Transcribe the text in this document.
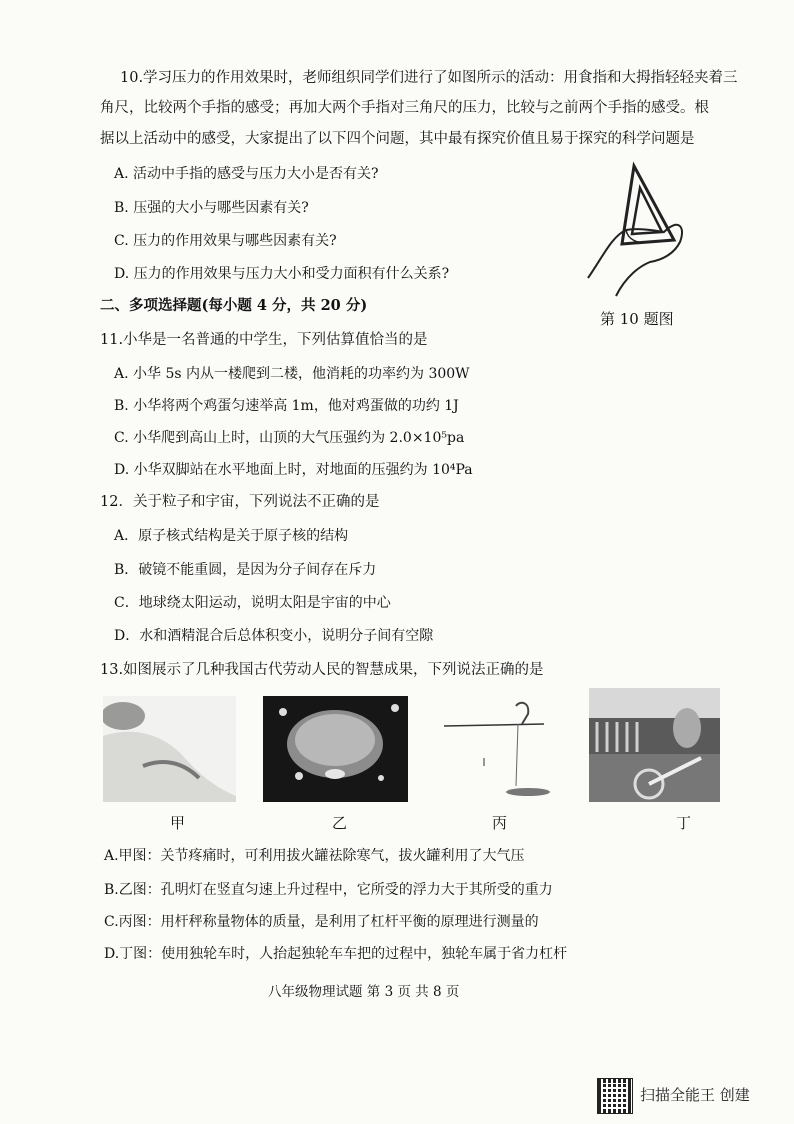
10.学习压力的作用效果时，老师组织同学们进行了如图所示的活动：用食指和大拇指轻轻夹着三
角尺，比较两个手指的感受；再加大两个手指对三角尺的压力，比较与之前两个手指的感受。根
据以上活动中的感受，大家提出了以下四个问题，其中最有探究价值且易于探究的科学问题是
A. 活动中手指的感受与压力大小是否有关?
B. 压强的大小与哪些因素有关?
C. 压力的作用效果与哪些因素有关?
D. 压力的作用效果与压力大小和受力面积有什么关系?
第 10 题图
二、多项选择题(每小题 4 分，共 20 分)
11.小华是一名普通的中学生，下列估算值恰当的是
A. 小华 5s 内从一楼爬到二楼，他消耗的功率约为 300W
B. 小华将两个鸡蛋匀速举高 1m，他对鸡蛋做的功约 1J
C. 小华爬到高山上时，山顶的大气压强约为 2.0×10⁵pa
D. 小华双脚站在水平地面上时，对地面的压强约为 10⁴Pa
12．关于粒子和宇宙，下列说法不正确的是
A．原子核式结构是关于原子核的结构
B．破镜不能重圆，是因为分子间存在斥力
C．地球绕太阳运动，说明太阳是宇宙的中心
D．水和酒精混合后总体积变小，说明分子间有空隙
13.如图展示了几种我国古代劳动人民的智慧成果，下列说法正确的是
甲	乙	丙	丁
A.甲图：关节疼痛时，可利用拔火罐祛除寒气，拔火罐利用了大气压
B.乙图：孔明灯在竖直匀速上升过程中，它所受的浮力大于其所受的重力
C.丙图：用杆秤称量物体的质量，是利用了杠杆平衡的原理进行测量的
D.丁图：使用独轮车时，人抬起独轮车车把的过程中，独轮车属于省力杠杆
八年级物理试题 第 3 页 共 8 页
扫描全能王 创建
